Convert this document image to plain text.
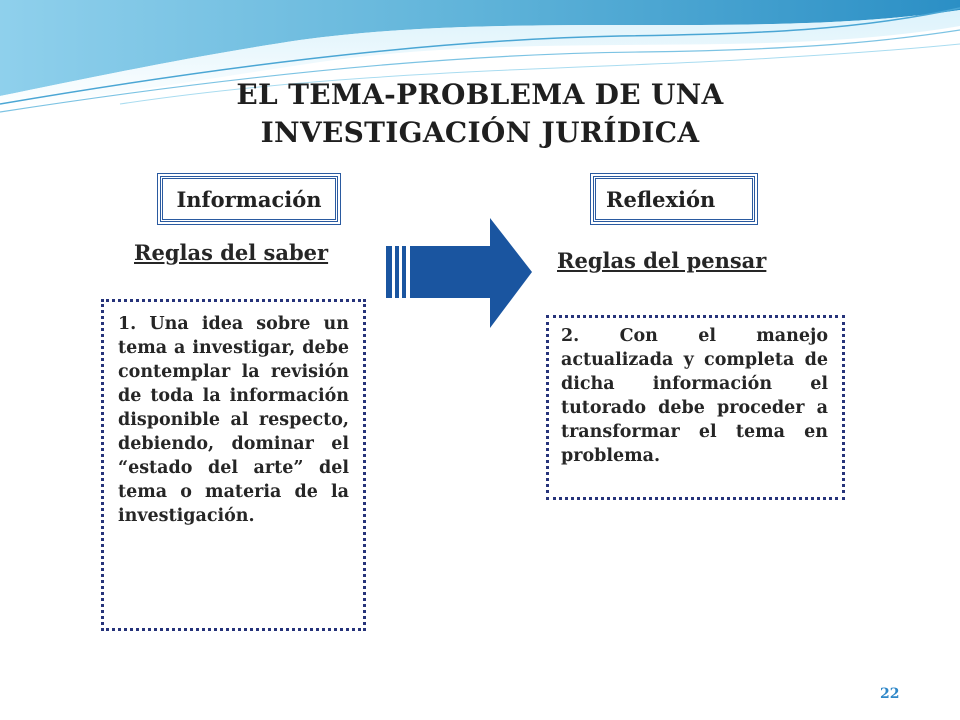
EL TEMA-PROBLEMA DE UNA INVESTIGACIÓN JURÍDICA
Información	Reflexión
Reglas del saber	Reglas del pensar
1. Una idea sobre un tema a investigar, debe contemplar la revisión de toda la información disponible al respecto, debiendo, dominar el “estado del arte” del tema o materia de la investigación.
2. Con el manejo actualizada y completa de dicha información el tutorado debe proceder a transformar el tema en problema.
22
